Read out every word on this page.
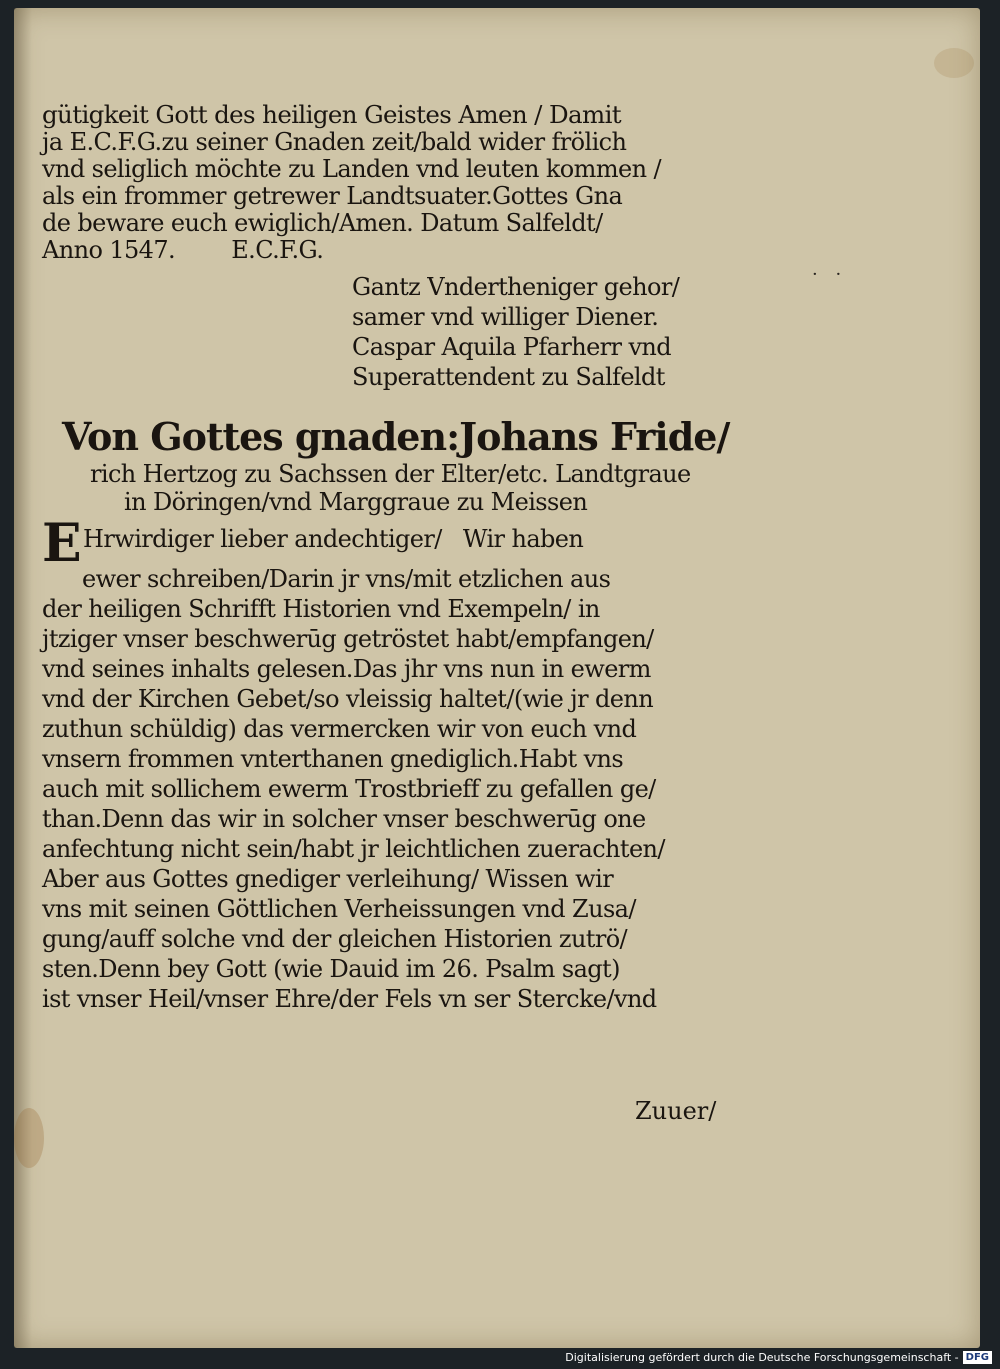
· ·
gütigkeit Gott des heiligen Geistes Amen / Damit
ja E.C.F.G.zu seiner Gnaden zeit/bald wider frölich
vnd seliglich möchte zu Landen vnd leuten kommen /
als ein frommer getrewer Landtsuater.Gottes Gna
de beware euch ewiglich/Amen. Datum Salfeldt/
Anno 1547.        E.C.F.G.
Gantz Vndertheniger gehor/
samer vnd williger Diener.
Caspar Aquila Pfarherr vnd
Superattendent zu Salfeldt
Von Gottes gnaden:Johans Fride/
rich Hertzog zu Sachssen der Elter/etc. Landtgraue
in Döringen/vnd Marggraue zu Meissen
EHrwirdiger lieber andechtiger/   Wir haben
ewer schreiben/Darin jr vns/mit etzlichen aus
der heiligen Schrifft Historien vnd Exempeln/ in
jtziger vnser beschwerūg getröstet habt/empfangen/
vnd seines inhalts gelesen.Das jhr vns nun in ewerm
vnd der Kirchen Gebet/so vleissig haltet/(wie jr denn
zuthun schüldig) das vermercken wir von euch vnd
vnsern frommen vnterthanen gnediglich.Habt vns
auch mit sollichem ewerm Trostbrieff zu gefallen ge/
than.Denn das wir in solcher vnser beschwerūg one
anfechtung nicht sein/habt jr leichtlichen zuerachten/
Aber aus Gottes gnediger verleihung/ Wissen wir
vns mit seinen Göttlichen Verheissungen vnd Zusa/
gung/auff solche vnd der gleichen Historien zutrö/
sten.Denn bey Gott (wie Dauid im 26. Psalm sagt)
ist vnser Heil/vnser Ehre/der Fels vn ser Stercke/vnd
Zuuer/
Digitalisierung gefördert durch die Deutsche Forschungsgemeinschaft - DFG
